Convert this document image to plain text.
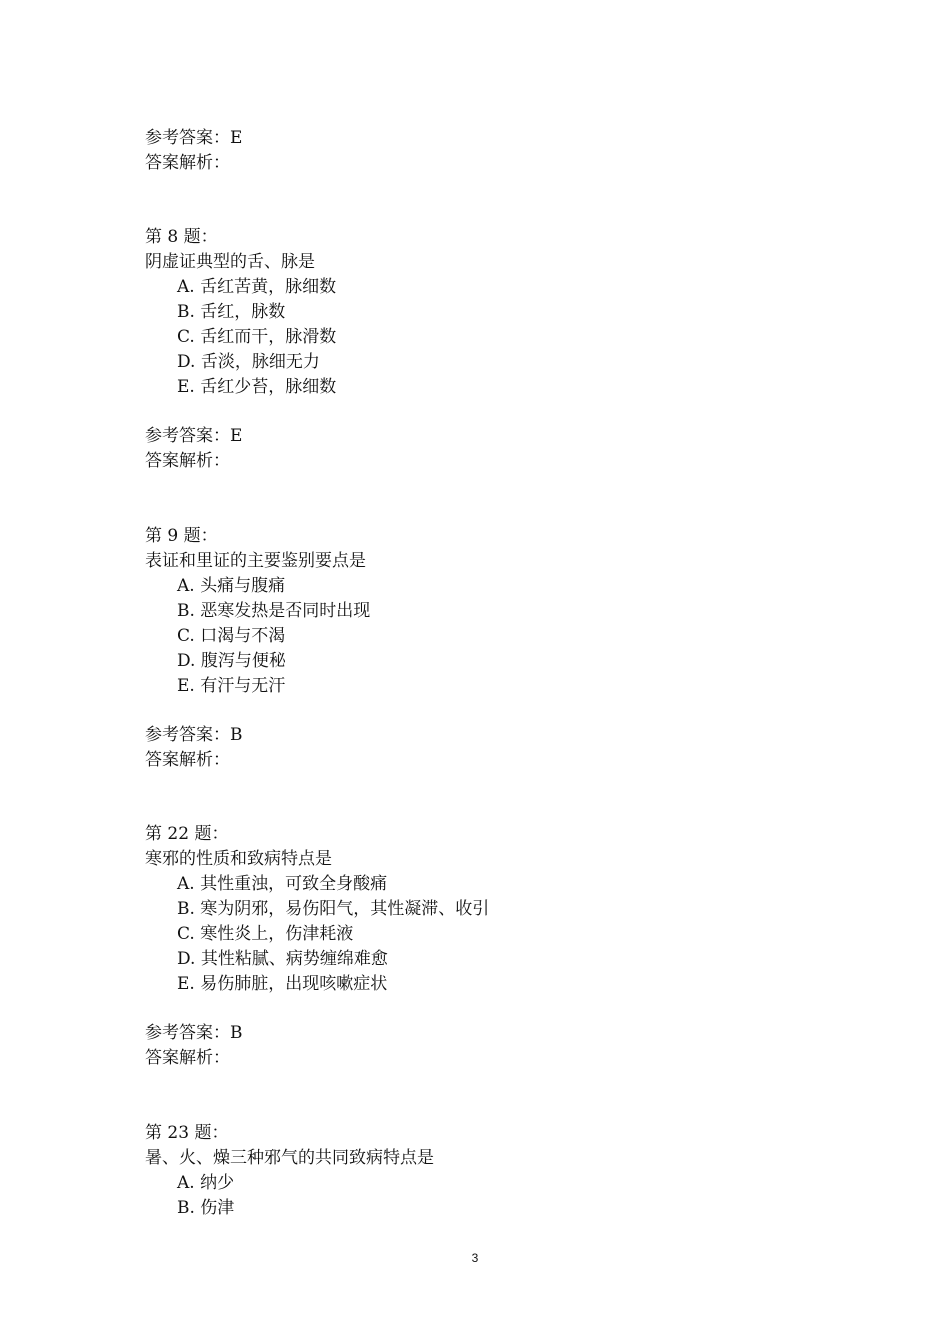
参考答案：E
答案解析：
第 8 题：
阴虚证典型的舌、脉是
A. 舌红苦黄，脉细数
B. 舌红，脉数
C. 舌红而干，脉滑数
D. 舌淡，脉细无力
E. 舌红少苔，脉细数
参考答案：E
答案解析：
第 9 题：
表证和里证的主要鉴别要点是
A. 头痛与腹痛
B. 恶寒发热是否同时出现
C. 口渴与不渴
D. 腹泻与便秘
E. 有汗与无汗
参考答案：B
答案解析：
第 22 题：
寒邪的性质和致病特点是
A. 其性重浊，可致全身酸痛
B. 寒为阴邪，易伤阳气，其性凝滞、收引
C. 寒性炎上，伤津耗液
D. 其性粘腻、病势缠绵难愈
E. 易伤肺脏，出现咳嗽症状
参考答案：B
答案解析：
第 23 题：
暑、火、燥三种邪气的共同致病特点是
A. 纳少
B. 伤津
3
